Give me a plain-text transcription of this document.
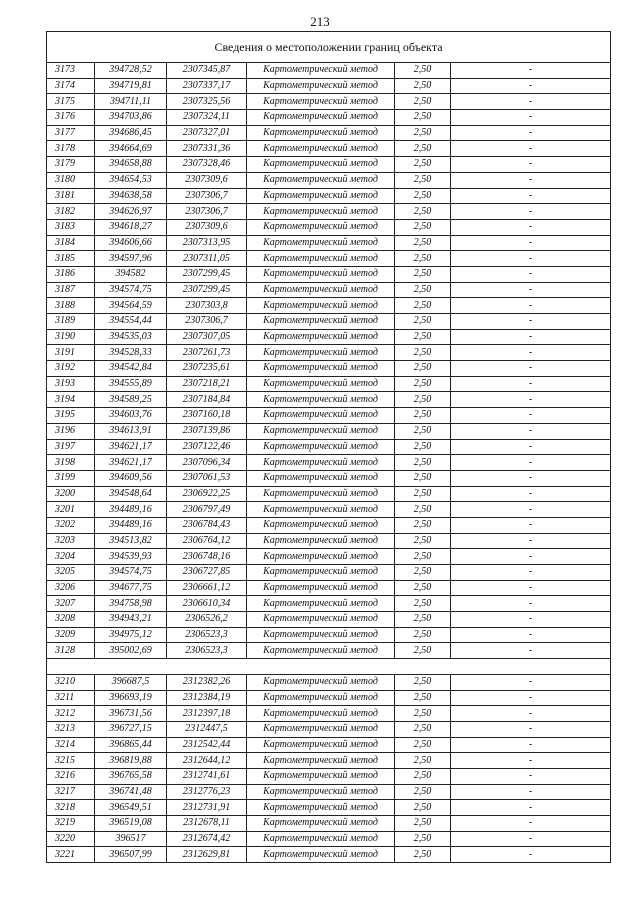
213
Сведения о местоположении границ объекта					
3173	394728,52	2307345,87	Картометрический метод	2,50	-
3174	394719,81	2307337,17	Картометрический метод	2,50	-
3175	394711,11	2307325,56	Картометрический метод	2,50	-
3176	394703,86	2307324,11	Картометрический метод	2,50	-
3177	394686,45	2307327,01	Картометрический метод	2,50	-
3178	394664,69	2307331,36	Картометрический метод	2,50	-
3179	394658,88	2307328,46	Картометрический метод	2,50	-
3180	394654,53	2307309,6	Картометрический метод	2,50	-
3181	394638,58	2307306,7	Картометрический метод	2,50	-
3182	394626,97	2307306,7	Картометрический метод	2,50	-
3183	394618,27	2307309,6	Картометрический метод	2,50	-
3184	394606,66	2307313,95	Картометрический метод	2,50	-
3185	394597,96	2307311,05	Картометрический метод	2,50	-
3186	394582	2307299,45	Картометрический метод	2,50	-
3187	394574,75	2307299,45	Картометрический метод	2,50	-
3188	394564,59	2307303,8	Картометрический метод	2,50	-
3189	394554,44	2307306,7	Картометрический метод	2,50	-
3190	394535,03	2307307,05	Картометрический метод	2,50	-
3191	394528,33	2307261,73	Картометрический метод	2,50	-
3192	394542,84	2307235,61	Картометрический метод	2,50	-
3193	394555,89	2307218,21	Картометрический метод	2,50	-
3194	394589,25	2307184,84	Картометрический метод	2,50	-
3195	394603,76	2307160,18	Картометрический метод	2,50	-
3196	394613,91	2307139,86	Картометрический метод	2,50	-
3197	394621,17	2307122,46	Картометрический метод	2,50	-
3198	394621,17	2307096,34	Картометрический метод	2,50	-
3199	394609,56	2307061,53	Картометрический метод	2,50	-
3200	394548,64	2306922,25	Картометрический метод	2,50	-
3201	394489,16	2306797,49	Картометрический метод	2,50	-
3202	394489,16	2306784,43	Картометрический метод	2,50	-
3203	394513,82	2306764,12	Картометрический метод	2,50	-
3204	394539,93	2306748,16	Картометрический метод	2,50	-
3205	394574,75	2306727,85	Картометрический метод	2,50	-
3206	394677,75	2306661,12	Картометрический метод	2,50	-
3207	394758,98	2306610,34	Картометрический метод	2,50	-
3208	394943,21	2306526,2	Картометрический метод	2,50	-
3209	394975,12	2306523,3	Картометрический метод	2,50	-
3128	395002,69	2306523,3	Картометрический метод	2,50	-

3210	396687,5	2312382,26	Картометрический метод	2,50	-
3211	396693,19	2312384,19	Картометрический метод	2,50	-
3212	396731,56	2312397,18	Картометрический метод	2,50	-
3213	396727,15	2312447,5	Картометрический метод	2,50	-
3214	396865,44	2312542,44	Картометрический метод	2,50	-
3215	396819,88	2312644,12	Картометрический метод	2,50	-
3216	396765,58	2312741,61	Картометрический метод	2,50	-
3217	396741,48	2312776,23	Картометрический метод	2,50	-
3218	396549,51	2312731,91	Картометрический метод	2,50	-
3219	396519,08	2312678,11	Картометрический метод	2,50	-
3220	396517	2312674,42	Картометрический метод	2,50	-
3221	396507,99	2312629,81	Картометрический метод	2,50	-
